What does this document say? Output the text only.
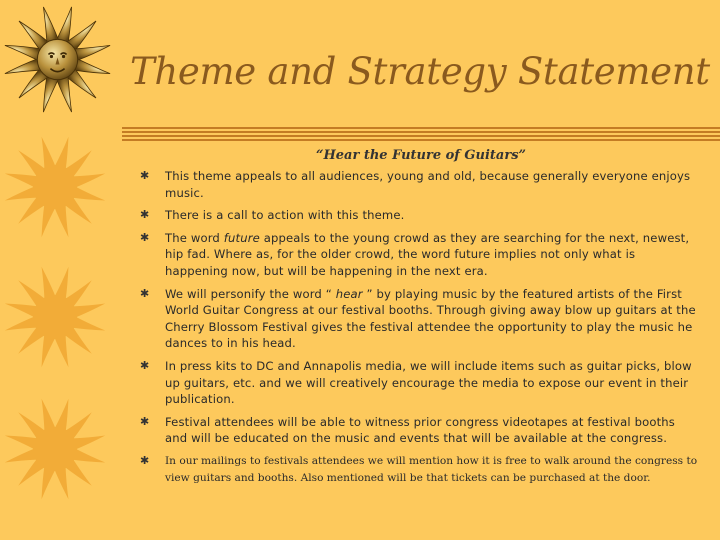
Theme and Strategy Statement
“Hear the Future of Guitars”
✱ This theme appeals to all audiences, young and old, because generally everyone enjoys music.
✱ There is a call to action with this theme.
✱ The word future appeals to the young crowd as they are searching for the next, newest, hip fad. Where as, for the older crowd, the word future implies not only what is happening now, but will be happening in the next era.
✱ We will personify the word “ hear ” by playing music by the featured artists of the First World Guitar Congress at our festival booths. Through giving away blow up guitars at the Cherry Blossom Festival gives the festival attendee the opportunity to play the music he dances to in his head.
✱ In press kits to DC and Annapolis media, we will include items such as guitar picks, blow up guitars, etc. and we will creatively encourage the media to expose our event in their publication.
✱ Festival attendees will be able to witness prior congress videotapes at festival booths and will be educated on the music and events that will be available at the congress.
✱ In our mailings to festivals attendees we will mention how it is free to walk around the congress to view guitars and booths. Also mentioned will be that tickets can be purchased at the door.
